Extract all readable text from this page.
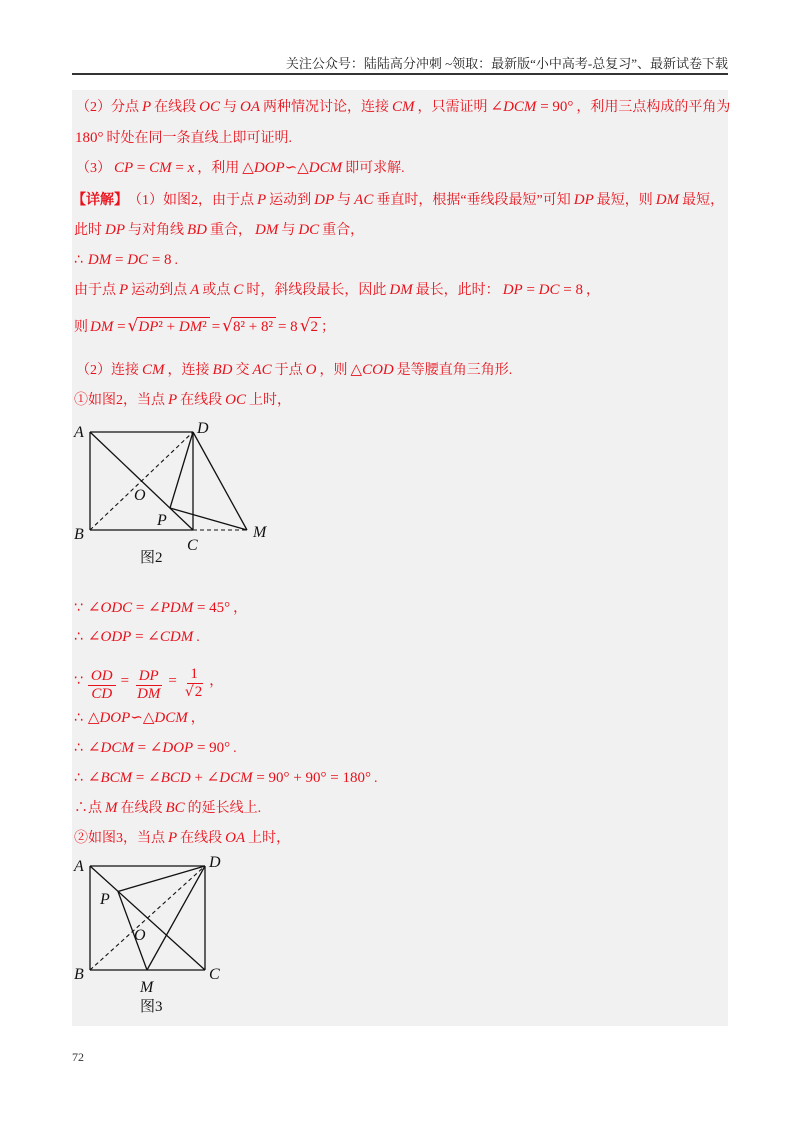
关注公众号：陆陆高分冲刺 ~领取：最新版“小中高考-总复习”、最新试卷下载
（2）分点 P 在线段 OC 与 OA 两种情况讨论，连接 CM ，只需证明 ∠DCM = 90° ，利用三点构成的平角为
180° 时处在同一条直线上即可证明.
（3） CP = CM = x ，利用 △DOP∽△DCM 即可求解.
【详解】 （1）如图2，由于点 P 运动到 DP 与 AC 垂直时，根据“垂线段最短”可知 DP 最短，则 DM 最短，
此时 DP 与对角线 BD 重合， DM 与 DC 重合，
∴ DM = DC = 8 .
由于点 P 运动到点 A 或点 C 时，斜线段最长，因此 DM 最长，此时： DP = DC = 8 ，
则 DM = √ DP² + DM² = √ 8² + 8² = 8 √ 2 ；
（2）连接 CM ，连接 BD 交 AC 于点 O ，则 △COD 是等腰直角三角形.
①如图2，当点 P 在线段 OC 上时，
A	D
O
P
B
C
M
图2
∵ ∠ODC = ∠PDM = 45° ，
∴ ∠ODP = ∠CDM .
∵ $\frac{OD}{CD} = \frac{DP}{DM} = \frac{1}{√ 2}$ ，
∴ △DOP∽△DCM ，
∴ ∠DCM = ∠DOP = 90° .
∴ ∠BCM = ∠BCD + ∠DCM = 90° + 90° = 180° .
∴点 M 在线段 BC 的延长线上.
②如图3，当点 P 在线段 OA 上时，
A	D
P
O
B	C
M
图3
72
